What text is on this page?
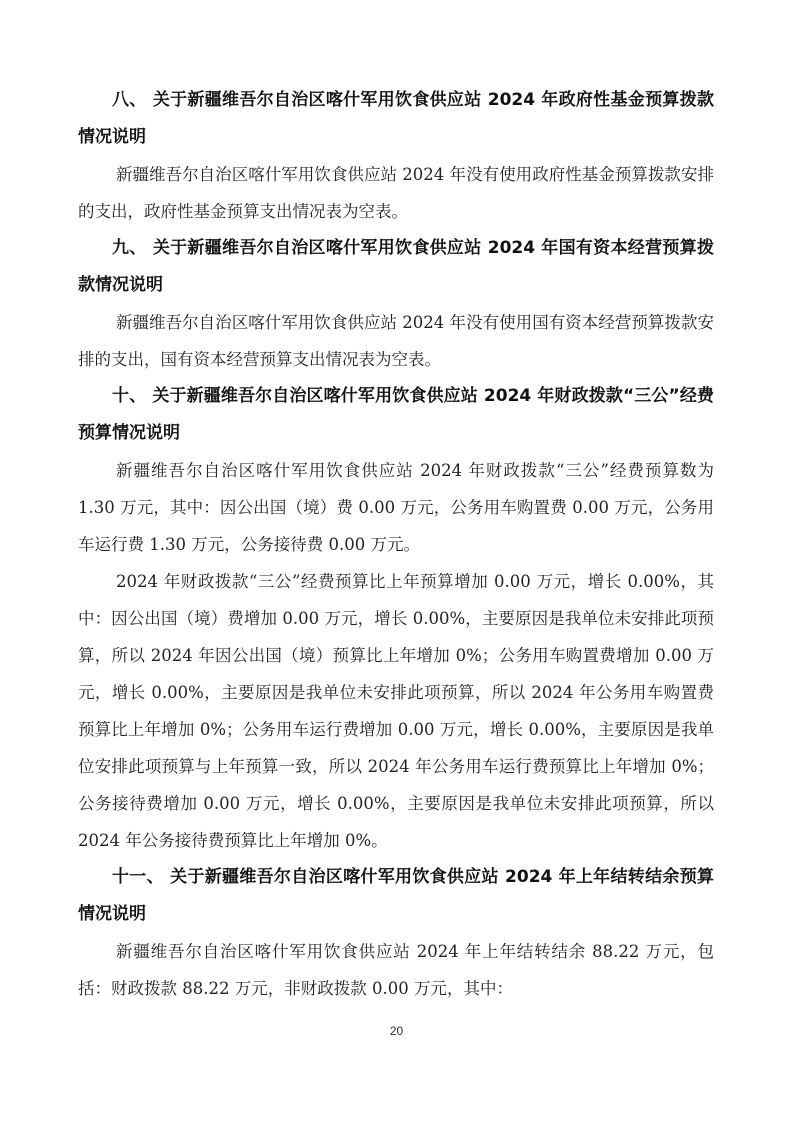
八、 关于新疆维吾尔自治区喀什军用饮食供应站 2024 年政府性基金预算拨款情况说明

新疆维吾尔自治区喀什军用饮食供应站 2024 年没有使用政府性基金预算拨款安排的支出，政府性基金预算支出情况表为空表。

九、 关于新疆维吾尔自治区喀什军用饮食供应站 2024 年国有资本经营预算拨款情况说明

新疆维吾尔自治区喀什军用饮食供应站 2024 年没有使用国有资本经营预算拨款安排的支出，国有资本经营预算支出情况表为空表。

十、 关于新疆维吾尔自治区喀什军用饮食供应站 2024 年财政拨款“三公”经费预算情况说明

新疆维吾尔自治区喀什军用饮食供应站 2024 年财政拨款“三公”经费预算数为 1.30 万元，其中：因公出国（境）费 0.00 万元，公务用车购置费 0.00 万元，公务用车运行费 1.30 万元，公务接待费 0.00 万元。

2024 年财政拨款“三公”经费预算比上年预算增加 0.00 万元，增长 0.00%，其中：因公出国（境）费增加 0.00 万元，增长 0.00%，主要原因是我单位未安排此项预算，所以 2024 年因公出国（境）预算比上年增加 0%；公务用车购置费增加 0.00 万元，增长 0.00%，主要原因是我单位未安排此项预算，所以 2024 年公务用车购置费预算比上年增加 0%；公务用车运行费增加 0.00 万元，增长 0.00%，主要原因是我单位安排此项预算与上年预算一致，所以 2024 年公务用车运行费预算比上年增加 0%；公务接待费增加 0.00 万元，增长 0.00%，主要原因是我单位未安排此项预算，所以 2024 年公务接待费预算比上年增加 0%。

十一、 关于新疆维吾尔自治区喀什军用饮食供应站 2024 年上年结转结余预算情况说明

新疆维吾尔自治区喀什军用饮食供应站 2024 年上年结转结余 88.22 万元，包括：财政拨款 88.22 万元，非财政拨款 0.00 万元，其中：

20
